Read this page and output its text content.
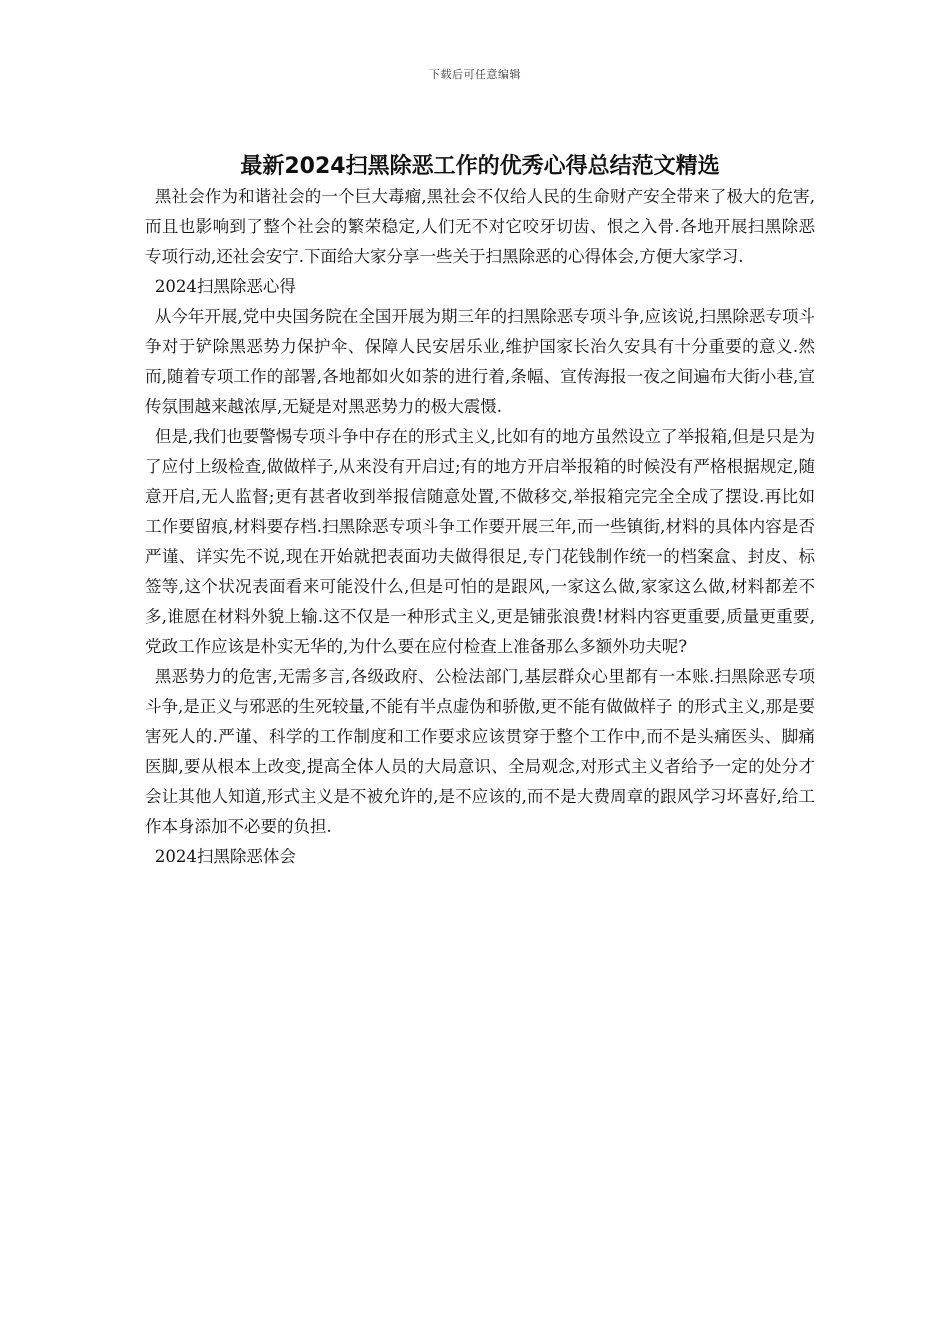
下载后可任意编辑
最新2024扫黑除恶工作的优秀心得总结范文精选

黑社会作为和谐社会的一个巨大毒瘤,黑社会不仅给人民的生命财产安全带来了极大的危害,而且也影响到了整个社会的繁荣稳定,人们无不对它咬牙切齿、恨之入骨.各地开展扫黑除恶专项行动,还社会安宁.下面给大家分享一些关于扫黑除恶的心得体会,方便大家学习.

2024扫黑除恶心得

从今年开展,党中央国务院在全国开展为期三年的扫黑除恶专项斗争,应该说,扫黑除恶专项斗争对于铲除黑恶势力保护伞、保障人民安居乐业,维护国家长治久安具有十分重要的意义.然而,随着专项工作的部署,各地都如火如荼的进行着,条幅、宣传海报一夜之间遍布大街小巷,宣传氛围越来越浓厚,无疑是对黑恶势力的极大震慑.

但是,我们也要警惕专项斗争中存在的形式主义,比如有的地方虽然设立了举报箱,但是只是为了应付上级检查,做做样子,从来没有开启过;有的地方开启举报箱的时候没有严格根据规定,随意开启,无人监督;更有甚者收到举报信随意处置,不做移交,举报箱完完全全成了摆设.再比如工作要留痕,材料要存档.扫黑除恶专项斗争工作要开展三年,而一些镇街,材料的具体内容是否严谨、详实先不说,现在开始就把表面功夫做得很足,专门花钱制作统一的档案盒、封皮、标签等,这个状况表面看来可能没什么,但是可怕的是跟风,一家这么做,家家这么做,材料都差不多,谁愿在材料外貌上输.这不仅是一种形式主义,更是铺张浪费!材料内容更重要,质量更重要,党政工作应该是朴实无华的,为什么要在应付检查上准备那么多额外功夫呢?

黑恶势力的危害,无需多言,各级政府、公检法部门,基层群众心里都有一本账.扫黑除恶专项斗争,是正义与邪恶的生死较量,不能有半点虚伪和骄傲,更不能有做做样子 的形式主义,那是要害死人的.严谨、科学的工作制度和工作要求应该贯穿于整个工作中,而不是头痛医头、脚痛医脚,要从根本上改变,提高全体人员的大局意识、全局观念,对形式主义者给予一定的处分才会让其他人知道,形式主义是不被允许的,是不应该的,而不是大费周章的跟风学习坏喜好,给工作本身添加不必要的负担.

2024扫黑除恶体会
